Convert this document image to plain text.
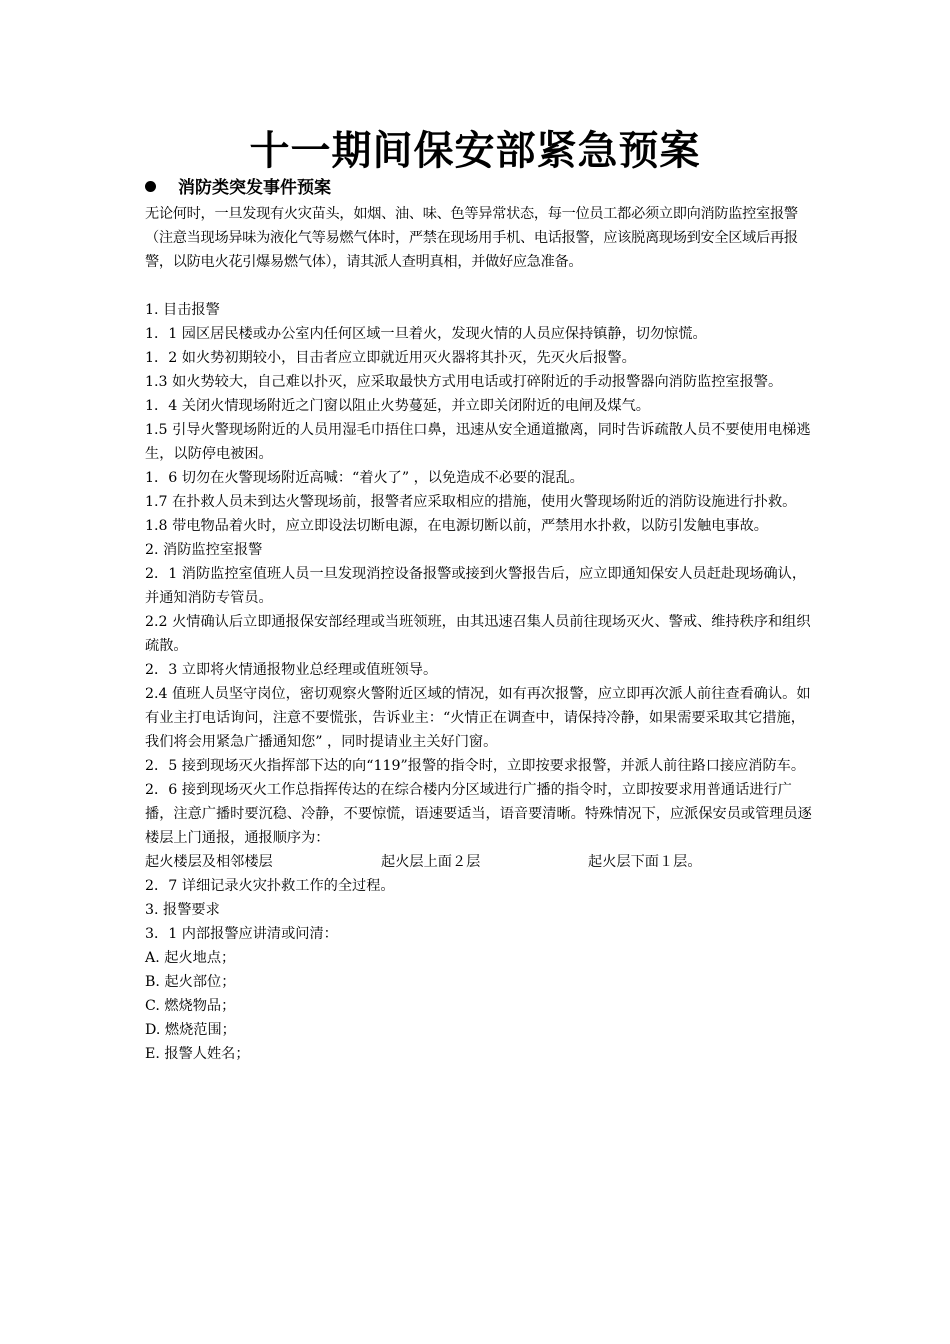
十一期间保安部紧急预案
消防类突发事件预案

无论何时，一旦发现有火灾苗头，如烟、油、味、色等异常状态，每一位员工都必须立即向消防监控室报警（注意当现场异味为液化气等易燃气体时，严禁在现场用手机、电话报警，应该脱离现场到安全区域后再报警，以防电火花引爆易燃气体），请其派人查明真相，并做好应急准备。

1. 目击报警

1．1 园区居民楼或办公室内任何区域一旦着火，发现火情的人员应保持镇静，切勿惊慌。

1．2 如火势初期较小，目击者应立即就近用灭火器将其扑灭，先灭火后报警。

1.3 如火势较大，自己难以扑灭，应采取最快方式用电话或打碎附近的手动报警器向消防监控室报警。

1．4 关闭火情现场附近之门窗以阻止火势蔓延，并立即关闭附近的电闸及煤气。

1.5 引导火警现场附近的人员用湿毛巾捂住口鼻，迅速从安全通道撤离，同时告诉疏散人员不要使用电梯逃生，以防停电被困。

1．6 切勿在火警现场附近高喊：“着火了” ，以免造成不必要的混乱。

1.7 在扑救人员未到达火警现场前，报警者应采取相应的措施，使用火警现场附近的消防设施进行扑救。

1.8 带电物品着火时，应立即设法切断电源，在电源切断以前，严禁用水扑救，以防引发触电事故。

2. 消防监控室报警

2．1 消防监控室值班人员一旦发现消控设备报警或接到火警报告后，应立即通知保安人员赶赴现场确认，并通知消防专管员。

2.2 火情确认后立即通报保安部经理或当班领班，由其迅速召集人员前往现场灭火、警戒、维持秩序和组织疏散。

2．3 立即将火情通报物业总经理或值班领导。

2.4 值班人员坚守岗位，密切观察火警附近区域的情况，如有再次报警，应立即再次派人前往查看确认。如有业主打电话询问，注意不要慌张，告诉业主：“火情正在调查中，请保持冷静，如果需要采取其它措施，我们将会用紧急广播通知您” ，同时提请业主关好门窗。

2．5 接到现场灭火指挥部下达的向“119”报警的指令时，立即按要求报警，并派人前往路口接应消防车。

2．6 接到现场灭火工作总指挥传达的在综合楼内分区域进行广播的指令时，立即按要求用普通话进行广播，注意广播时要沉稳、冷静，不要惊慌，语速要适当，语音要清晰。特殊情况下，应派保安员或管理员逐楼层上门通报，通报顺序为：

起火楼层及相邻楼层	起火层上面２层	起火层下面１层。

2．7 详细记录火灾扑救工作的全过程。

3. 报警要求

3．1 内部报警应讲清或问清：

A. 起火地点；

B. 起火部位；

C. 燃烧物品；

D. 燃烧范围；

E. 报警人姓名；
